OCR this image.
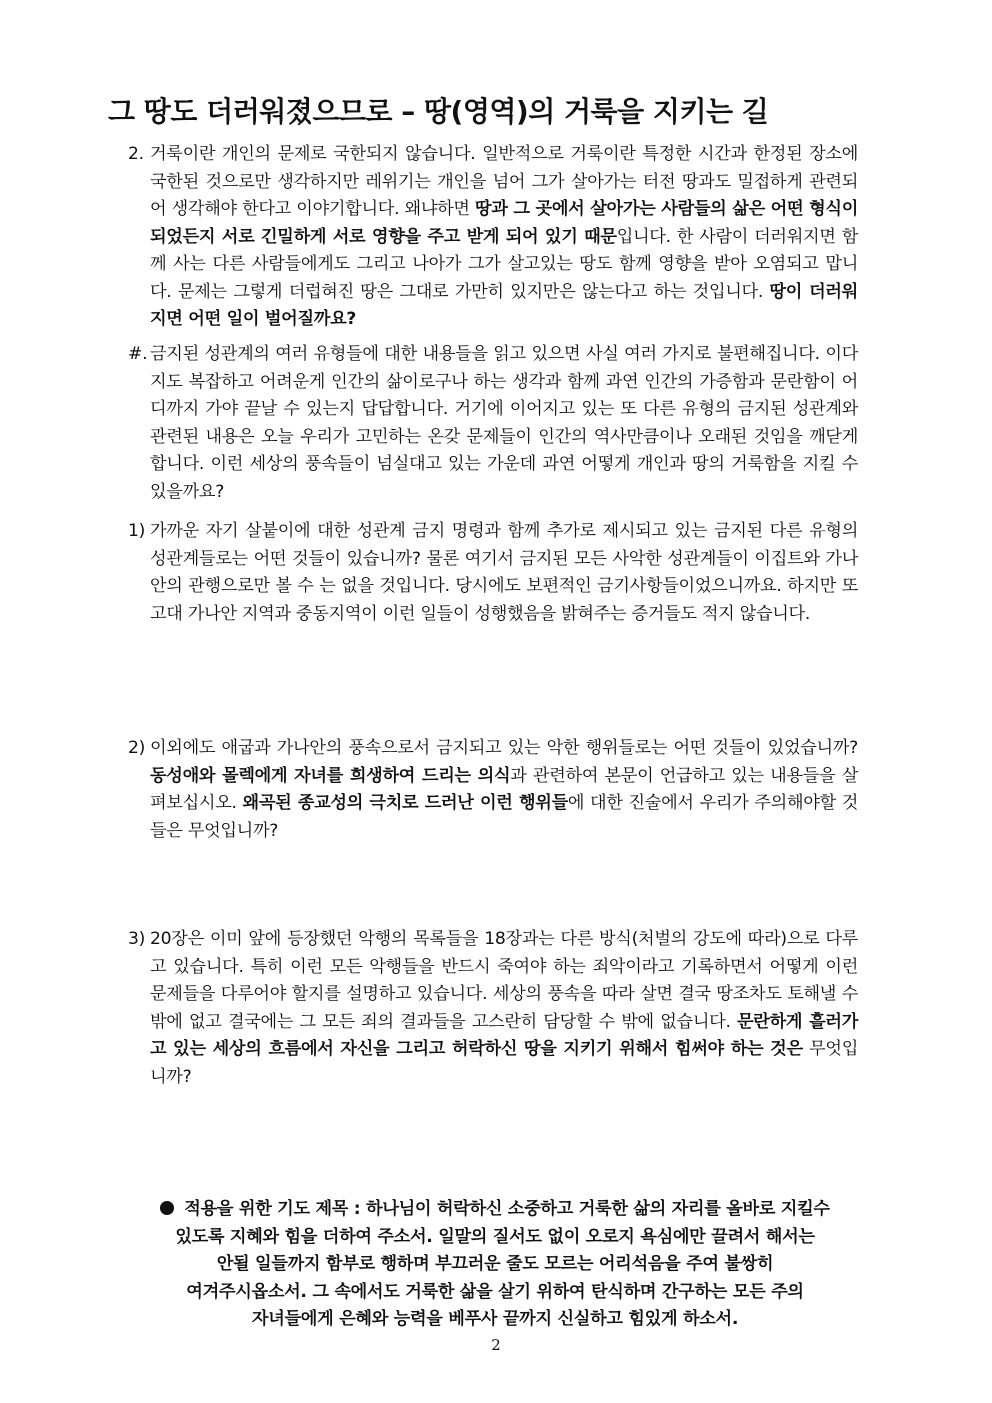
그 땅도 더러워졌으므로 – 땅(영역)의 거룩을 지키는 길
2. 거룩이란 개인의 문제로 국한되지 않습니다. 일반적으로 거룩이란 특정한 시간과 한정된 장소에 국한된 것으로만 생각하지만 레위기는 개인을 넘어 그가 살아가는 터전 땅과도 밀접하게 관련되어 생각해야 한다고 이야기합니다. 왜냐하면 땅과 그 곳에서 살아가는 사람들의 삶은 어떤 형식이되었든지 서로 긴밀하게 서로 영향을 주고 받게 되어 있기 때문입니다. 한 사람이 더러워지면 함께 사는 다른 사람들에게도 그리고 나아가 그가 살고있는 땅도 함께 영향을 받아 오염되고 맙니다. 문제는 그렇게 더럽혀진 땅은 그대로 가만히 있지만은 않는다고 하는 것입니다. 땅이 더러워지면 어떤 일이 벌어질까요?
#. 금지된 성관계의 여러 유형들에 대한 내용들을 읽고 있으면 사실 여러 가지로 불편해집니다. 이다지도 복잡하고 어려운게 인간의 삶이로구나 하는 생각과 함께 과연 인간의 가증함과 문란함이 어디까지 가야 끝날 수 있는지 답답합니다. 거기에 이어지고 있는 또 다른 유형의 금지된 성관계와 관련된 내용은 오늘 우리가 고민하는 온갖 문제들이 인간의 역사만큼이나 오래된 것임을 깨닫게 합니다. 이런 세상의 풍속들이 넘실대고 있는 가운데 과연 어떻게 개인과 땅의 거룩함을 지킬 수 있을까요?
1) 가까운 자기 살붙이에 대한 성관계 금지 명령과 함께 추가로 제시되고 있는 금지된 다른 유형의 성관계들로는 어떤 것들이 있습니까? 물론 여기서 금지된 모든 사악한 성관계들이 이집트와 가나안의 관행으로만 볼 수 는 없을 것입니다. 당시에도 보편적인 금기사항들이었으니까요. 하지만 또 고대 가나안 지역과 중동지역이 이런 일들이 성행했음을 밝혀주는 증거들도 적지 않습니다.
2) 이외에도 애굽과 가나안의 풍속으로서 금지되고 있는 악한 행위들로는 어떤 것들이 있었습니까? 동성애와 몰렉에게 자녀를 희생하여 드리는 의식과 관련하여 본문이 언급하고 있는 내용들을 살펴보십시오. 왜곡된 종교성의 극치로 드러난 이런 행위들에 대한 진술에서 우리가 주의해야할 것들은 무엇입니까?
3) 20장은 이미 앞에 등장했던 악행의 목록들을 18장과는 다른 방식(처벌의 강도에 따라)으로 다루고 있습니다. 특히 이런 모든 악행들을 반드시 죽여야 하는 죄악이라고 기록하면서 어떻게 이런 문제들을 다루어야 할지를 설명하고 있습니다. 세상의 풍속을 따라 살면 결국 땅조차도 토해낼 수밖에 없고 결국에는 그 모든 죄의 결과들을 고스란히 담당할 수 밖에 없습니다. 문란하게 흘러가고 있는 세상의 흐름에서 자신을 그리고 허락하신 땅을 지키기 위해서 힘써야 하는 것은 무엇입니까?
적용을 위한 기도 제목 : 하나님이 허락하신 소중하고 거룩한 삶의 자리를 올바로 지킬수
있도록 지혜와 힘을 더하여 주소서. 일말의 질서도 없이 오로지 욕심에만 끌려서 해서는
안될 일들까지 함부로 행하며 부끄러운 줄도 모르는 어리석음을 주여 불쌍히
여겨주시옵소서. 그 속에서도 거룩한 삶을 살기 위하여 탄식하며 간구하는 모든 주의
자녀들에게 은혜와 능력을 베푸사 끝까지 신실하고 힘있게 하소서.
2
